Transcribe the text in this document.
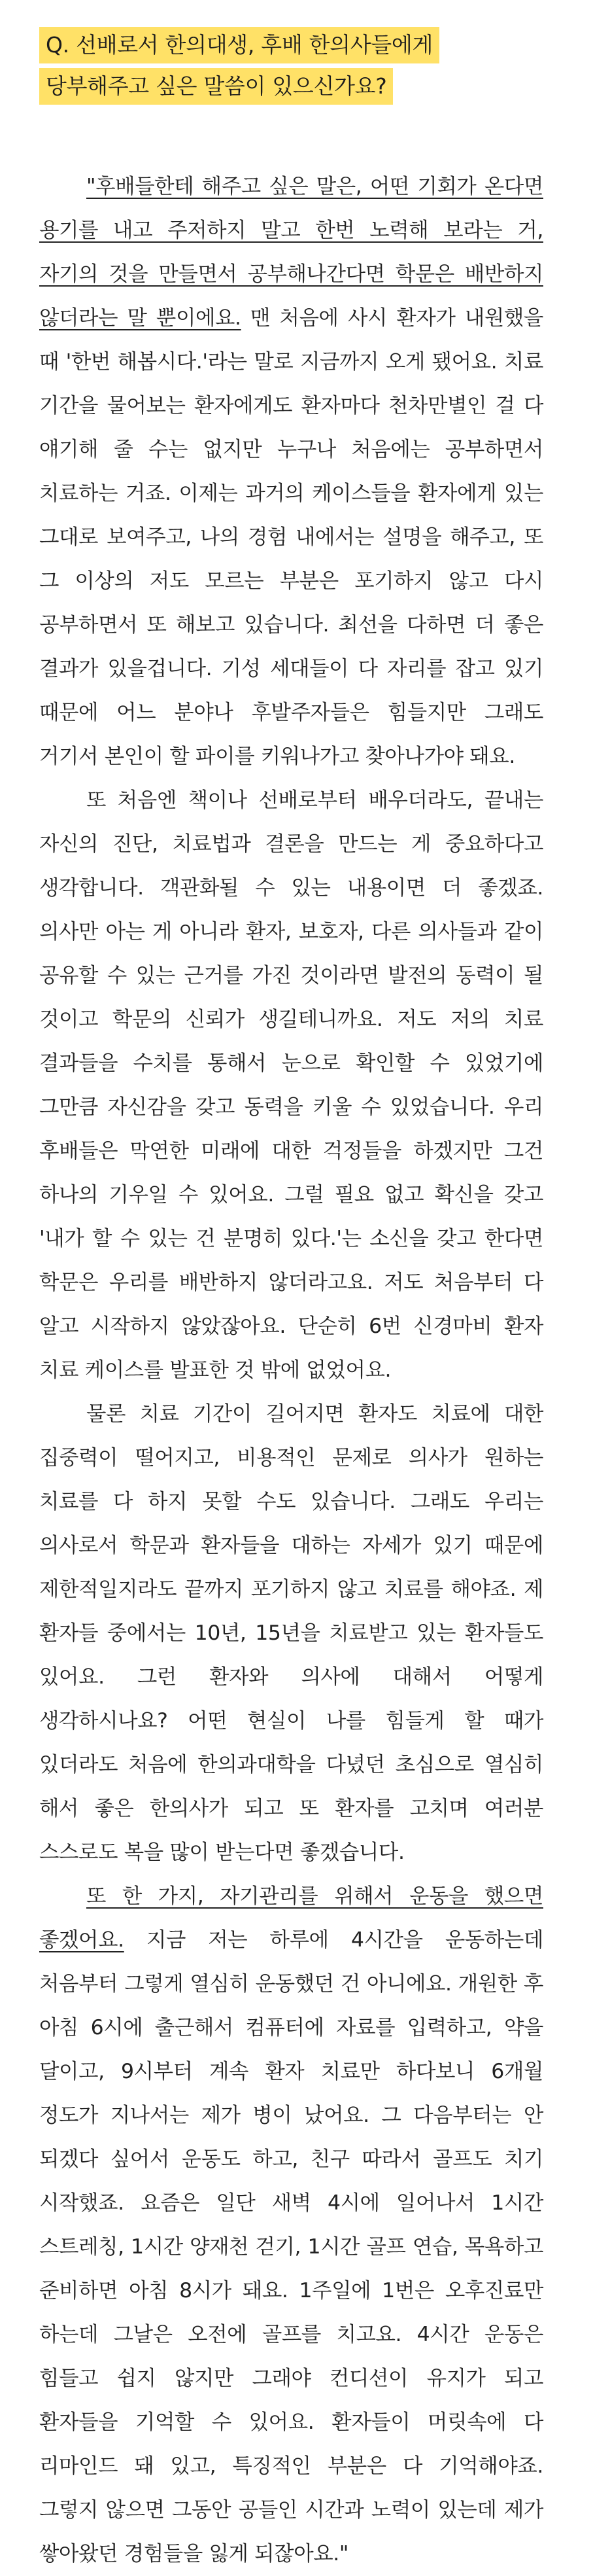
Q. 선배로서 한의대생, 후배 한의사들에게
당부해주고 싶은 말씀이 있으신가요?

"후배들한테 해주고 싶은 말은, 어떤 기회가 온다면 용기를 내고 주저하지 말고 한번 노력해 보라는 거, 자기의 것을 만들면서 공부해나간다면 학문은 배반하지 않더라는 말 뿐이에요. 맨 처음에 사시 환자가 내원했을 때 '한번 해봅시다.'라는 말로 지금까지 오게 됐어요. 치료 기간을 물어보는 환자에게도 환자마다 천차만별인 걸 다 얘기해 줄 수는 없지만 누구나 처음에는 공부하면서 치료하는 거죠. 이제는 과거의 케이스들을 환자에게 있는 그대로 보여주고, 나의 경험 내에서는 설명을 해주고, 또 그 이상의 저도 모르는 부분은 포기하지 않고 다시 공부하면서 또 해보고 있습니다. 최선을 다하면 더 좋은 결과가 있을겁니다. 기성 세대들이 다 자리를 잡고 있기 때문에 어느 분야나 후발주자들은 힘들지만 그래도 거기서 본인이 할 파이를 키워나가고 찾아나가야 돼요.

또 처음엔 책이나 선배로부터 배우더라도, 끝내는 자신의 진단, 치료법과 결론을 만드는 게 중요하다고 생각합니다. 객관화될 수 있는 내용이면 더 좋겠죠. 의사만 아는 게 아니라 환자, 보호자, 다른 의사들과 같이 공유할 수 있는 근거를 가진 것이라면 발전의 동력이 될 것이고 학문의 신뢰가 생길테니까요. 저도 저의 치료 결과들을 수치를 통해서 눈으로 확인할 수 있었기에 그만큼 자신감을 갖고 동력을 키울 수 있었습니다. 우리 후배들은 막연한 미래에 대한 걱정들을 하겠지만 그건 하나의 기우일 수 있어요. 그럴 필요 없고 확신을 갖고 '내가 할 수 있는 건 분명히 있다.'는 소신을 갖고 한다면 학문은 우리를 배반하지 않더라고요. 저도 처음부터 다 알고 시작하지 않았잖아요. 단순히 6번 신경마비 환자 치료 케이스를 발표한 것 밖에 없었어요.

물론 치료 기간이 길어지면 환자도 치료에 대한 집중력이 떨어지고, 비용적인 문제로 의사가 원하는 치료를 다 하지 못할 수도 있습니다. 그래도 우리는 의사로서 학문과 환자들을 대하는 자세가 있기 때문에 제한적일지라도 끝까지 포기하지 않고 치료를 해야죠. 제 환자들 중에서는 10년, 15년을 치료받고 있는 환자들도 있어요. 그런 환자와 의사에 대해서 어떻게 생각하시나요? 어떤 현실이 나를 힘들게 할 때가 있더라도 처음에 한의과대학을 다녔던 초심으로 열심히 해서 좋은 한의사가 되고 또 환자를 고치며 여러분 스스로도 복을 많이 받는다면 좋겠습니다.

또 한 가지, 자기관리를 위해서 운동을 했으면 좋겠어요. 지금 저는 하루에 4시간을 운동하는데 처음부터 그렇게 열심히 운동했던 건 아니에요. 개원한 후 아침 6시에 출근해서 컴퓨터에 자료를 입력하고, 약을 달이고, 9시부터 계속 환자 치료만 하다보니 6개월 정도가 지나서는 제가 병이 났어요. 그 다음부터는 안 되겠다 싶어서 운동도 하고, 친구 따라서 골프도 치기 시작했죠. 요즘은 일단 새벽 4시에 일어나서 1시간 스트레칭, 1시간 양재천 걷기, 1시간 골프 연습, 목욕하고 준비하면 아침 8시가 돼요. 1주일에 1번은 오후진료만 하는데 그날은 오전에 골프를 치고요. 4시간 운동은 힘들고 쉽지 않지만 그래야 컨디션이 유지가 되고 환자들을 기억할 수 있어요. 환자들이 머릿속에 다 리마인드 돼 있고, 특징적인 부분은 다 기억해야죠. 그렇지 않으면 그동안 공들인 시간과 노력이 있는데 제가 쌓아왔던 경험들을 잃게 되잖아요."
